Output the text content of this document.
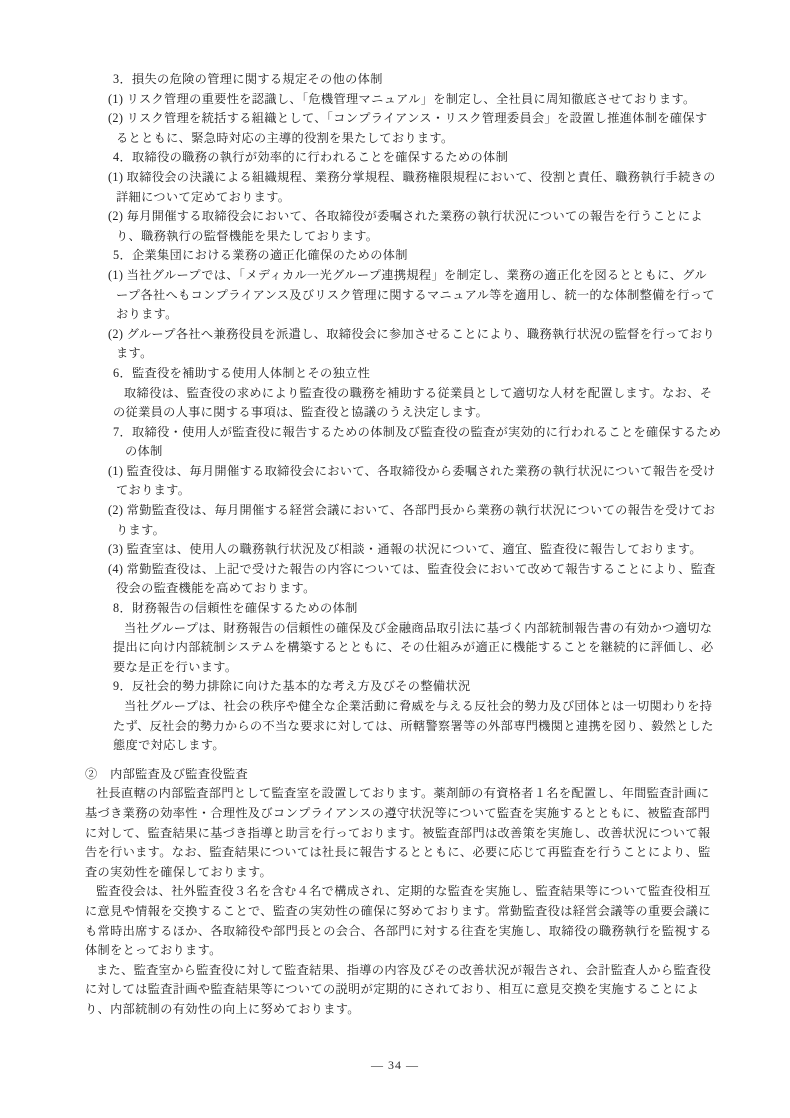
3．損失の危険の管理に関する規定その他の体制
(1) リスク管理の重要性を認識し、「危機管理マニュアル」を制定し、全社員に周知徹底させております。
(2) リスク管理を統括する組織として、「コンプライアンス・リスク管理委員会」を設置し推進体制を確保す
るとともに、緊急時対応の主導的役割を果たしております。
4．取締役の職務の執行が効率的に行われることを確保するための体制
(1) 取締役会の決議による組織規程、業務分掌規程、職務権限規程において、役割と責任、職務執行手続きの
詳細について定めております。
(2) 毎月開催する取締役会において、各取締役が委嘱された業務の執行状況についての報告を行うことによ
り、職務執行の監督機能を果たしております。
5．企業集団における業務の適正化確保のための体制
(1) 当社グループでは、「メディカル一光グループ連携規程」を制定し、業務の適正化を図るとともに、グル
ープ各社へもコンプライアンス及びリスク管理に関するマニュアル等を適用し、統一的な体制整備を行って
おります。
(2) グループ各社へ兼務役員を派遣し、取締役会に参加させることにより、職務執行状況の監督を行っており
ます。
6．監査役を補助する使用人体制とその独立性
取締役は、監査役の求めにより監査役の職務を補助する従業員として適切な人材を配置します。なお、そ
の従業員の人事に関する事項は、監査役と協議のうえ決定します。
7．取締役・使用人が監査役に報告するための体制及び監査役の監査が実効的に行われることを確保するため
の体制
(1) 監査役は、毎月開催する取締役会において、各取締役から委嘱された業務の執行状況について報告を受け
ております。
(2) 常勤監査役は、毎月開催する経営会議において、各部門長から業務の執行状況についての報告を受けてお
ります。
(3) 監査室は、使用人の職務執行状況及び相談・通報の状況について、適宜、監査役に報告しております。
(4) 常勤監査役は、上記で受けた報告の内容については、監査役会において改めて報告することにより、監査
役会の監査機能を高めております。
8．財務報告の信頼性を確保するための体制
当社グループは、財務報告の信頼性の確保及び金融商品取引法に基づく内部統制報告書の有効かつ適切な
提出に向け内部統制システムを構築するとともに、その仕組みが適正に機能することを継続的に評価し、必
要な是正を行います。
9．反社会的勢力排除に向けた基本的な考え方及びその整備状況
当社グループは、社会の秩序や健全な企業活動に脅威を与える反社会的勢力及び団体とは一切関わりを持
たず、反社会的勢力からの不当な要求に対しては、所轄警察署等の外部専門機関と連携を図り、毅然とした
態度で対応します。
②　内部監査及び監査役監査
社長直轄の内部監査部門として監査室を設置しております。薬剤師の有資格者１名を配置し、年間監査計画に
基づき業務の効率性・合理性及びコンプライアンスの遵守状況等について監査を実施するとともに、被監査部門
に対して、監査結果に基づき指導と助言を行っております。被監査部門は改善策を実施し、改善状況について報
告を行います。なお、監査結果については社長に報告するとともに、必要に応じて再監査を行うことにより、監
査の実効性を確保しております。
監査役会は、社外監査役３名を含む４名で構成され、定期的な監査を実施し、監査結果等について監査役相互
に意見や情報を交換することで、監査の実効性の確保に努めております。常勤監査役は経営会議等の重要会議に
も常時出席するほか、各取締役や部門長との会合、各部門に対する往査を実施し、取締役の職務執行を監視する
体制をとっております。
また、監査室から監査役に対して監査結果、指導の内容及びその改善状況が報告され、会計監査人から監査役
に対しては監査計画や監査結果等についての説明が定期的にされており、相互に意見交換を実施することによ
り、内部統制の有効性の向上に努めております。
― 34 ―
